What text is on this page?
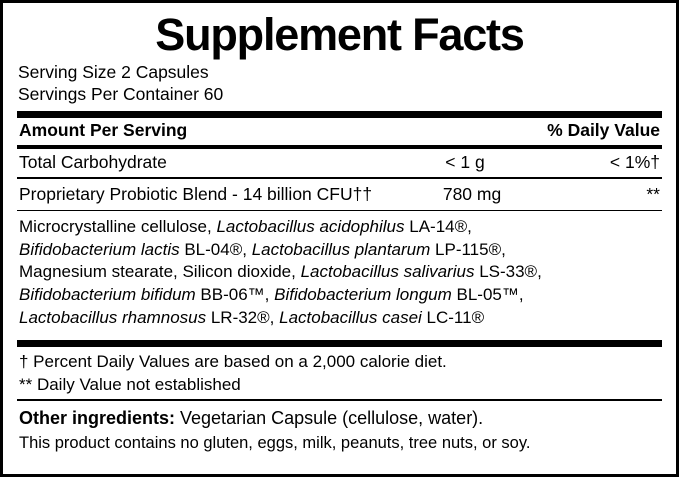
Supplement Facts
Serving Size 2 Capsules
Servings Per Container 60
Amount Per Serving	% Daily Value
Total Carbohydrate	< 1 g	< 1%†
Proprietary Probiotic Blend - 14 billion CFU††	780 mg	**
Microcrystalline cellulose, Lactobacillus acidophilus LA-14®,
Bifidobacterium lactis BL-04®, Lactobacillus plantarum LP-115®,
Magnesium stearate, Silicon dioxide, Lactobacillus salivarius LS-33®,
Bifidobacterium bifidum BB-06™, Bifidobacterium longum BL-05™,
Lactobacillus rhamnosus LR-32®, Lactobacillus casei LC-11®
† Percent Daily Values are based on a 2,000 calorie diet.
** Daily Value not established
Other ingredients: Vegetarian Capsule (cellulose, water).
This product contains no gluten, eggs, milk, peanuts, tree nuts, or soy.
